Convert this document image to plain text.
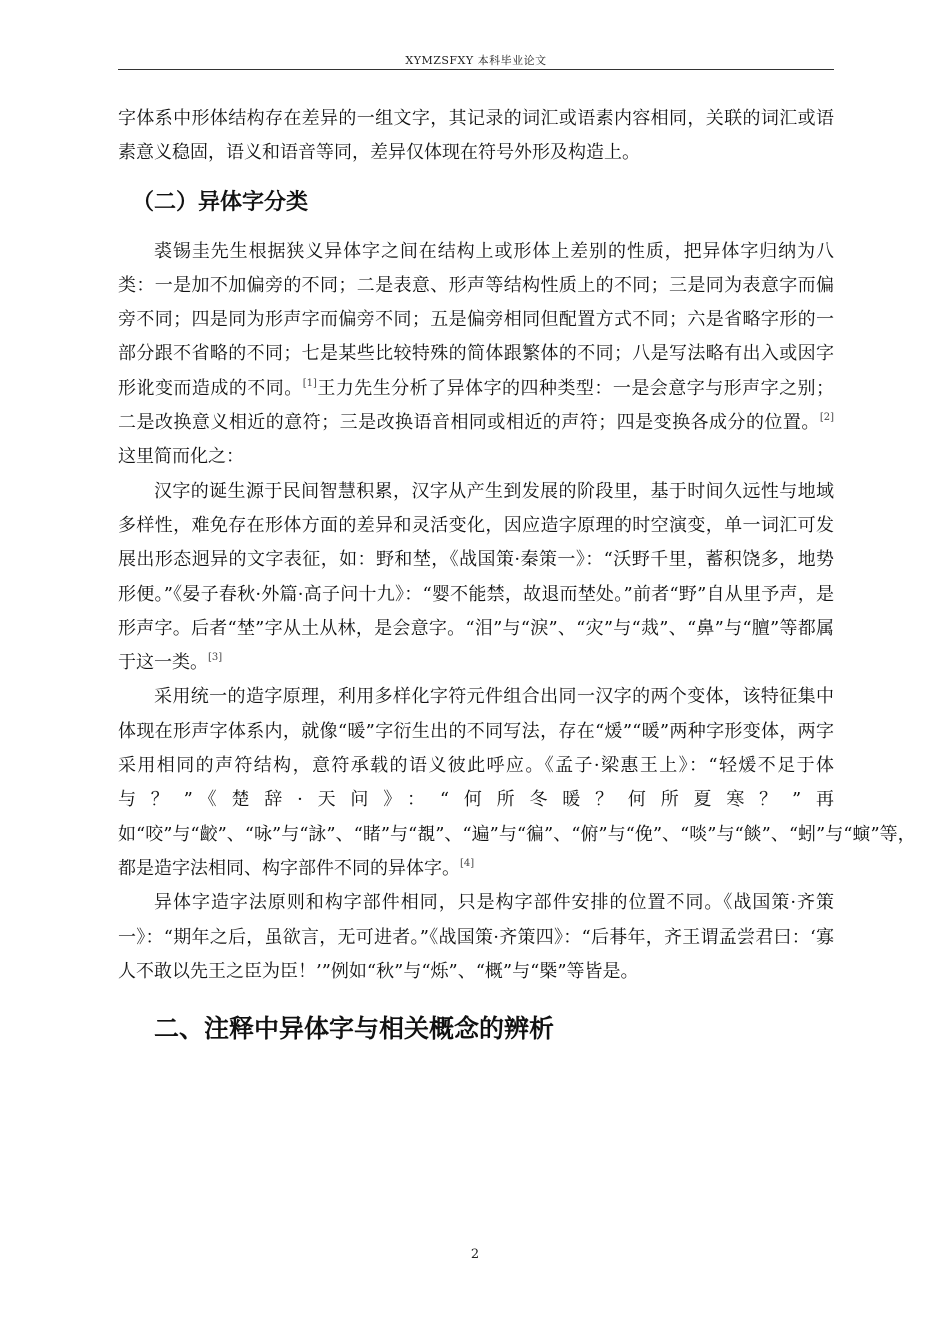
XYMZSFXY 本科毕业论文

字体系中形体结构存在差异的一组文字，其记录的词汇或语素内容相同，关联的词汇或语素意义稳固，语义和语音等同，差异仅体现在符号外形及构造上。

（二）异体字分类

裘锡圭先生根据狭义异体字之间在结构上或形体上差别的性质，把异体字归纳为八类：一是加不加偏旁的不同；二是表意、形声等结构性质上的不同；三是同为表意字而偏旁不同；四是同为形声字而偏旁不同；五是偏旁相同但配置方式不同；六是省略字形的一部分跟不省略的不同；七是某些比较特殊的简体跟繁体的不同；八是写法略有出入或因字形讹变而造成的不同。[1]王力先生分析了异体字的四种类型：一是会意字与形声字之别；二是改换意义相近的意符；三是改换语音相同或相近的声符；四是变换各成分的位置。[2]这里简而化之：

汉字的诞生源于民间智慧积累，汉字从产生到发展的阶段里，基于时间久远性与地域多样性，难免存在形体方面的差异和灵活变化，因应造字原理的时空演变，单一词汇可发展出形态迥异的文字表征，如：野和埜，《战国策·秦策一》：“沃野千里，蓄积饶多，地势形便。”《晏子春秋·外篇·高子问十九》：“婴不能禁，故退而埜处。”前者“野”自从里予声，是形声字。后者“埜”字从土从林，是会意字。“泪”与“淚”、“灾”与“烖”、“鼻”与“膻”等都属于这一类。[3]

采用统一的造字原理，利用多样化字符元件组合出同一汉字的两个变体，该特征集中体现在形声字体系内，就像“暖”字衍生出的不同写法，存在“煖”“暖”两种字形变体，两字采用相同的声符结构，意符承载的语义彼此呼应。《孟子·梁惠王上》：“轻煖不足于体与？”《楚辞·天问》：“何所冬暖？何所夏寒？”再如“咬”与“齩”、“咏”与“詠”、“睹”与“覩”、“遍”与“徧”、“俯”与“俛”、“啖”与“餤”、“蚓”与“螾”等，都是造字法相同、构字部件不同的异体字。[4]

异体字造字法原则和构字部件相同，只是构字部件安排的位置不同。《战国策·齐策一》：“期年之后，虽欲言，无可进者。”《战国策·齐策四》：“后朞年，齐王谓孟尝君曰：‘寡人不敢以先王之臣为臣！’”例如“秋”与“烁”、“概”与“槩”等皆是。

二、注释中异体字与相关概念的辨析
2
